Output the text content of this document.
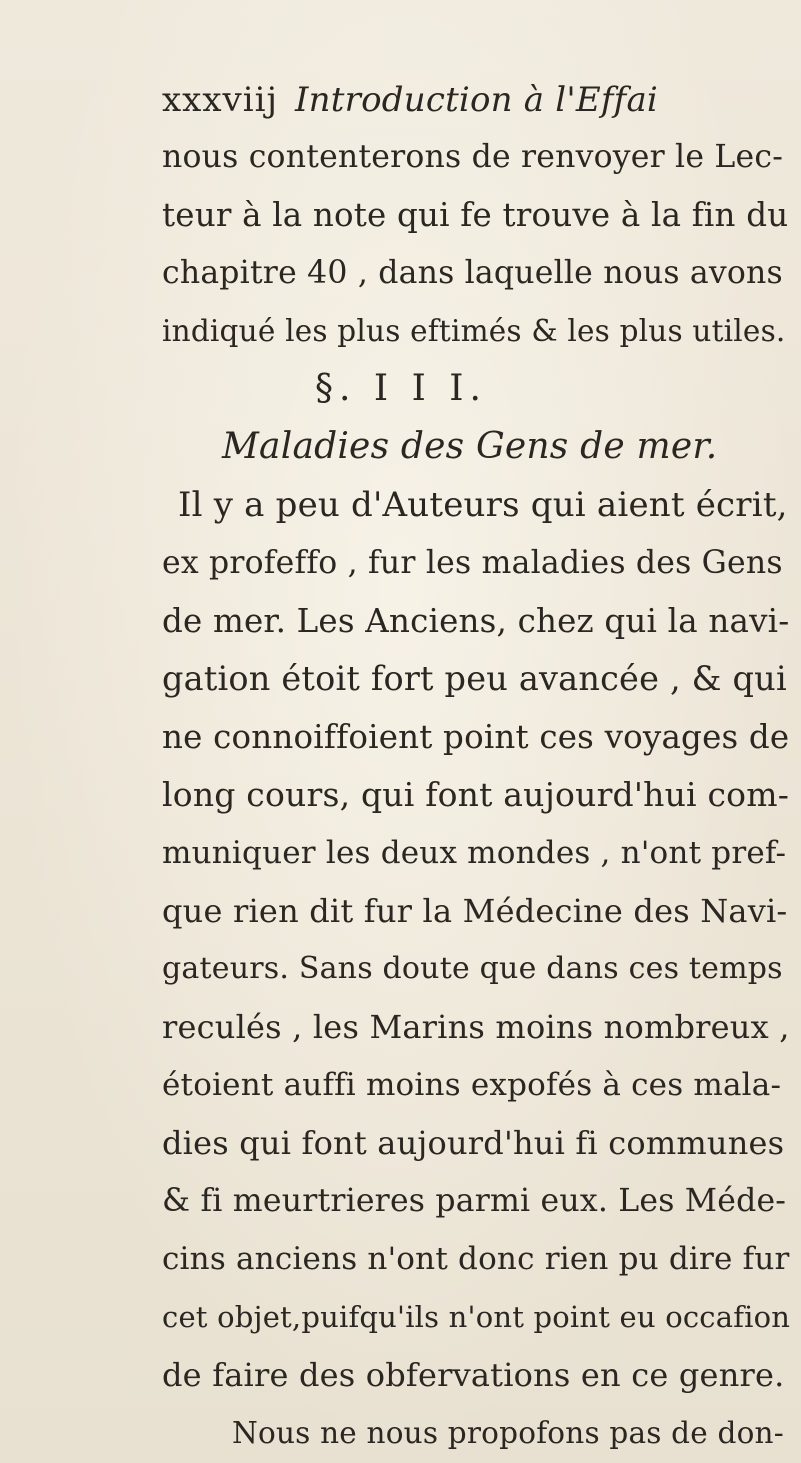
xxxviij Introduction à l'Effai
nous contenterons de renvoyer le Lec-
teur à la note qui fe trouve à la fin du
chapitre 40 , dans laquelle nous avons
indiqué les plus eftimés & les plus utiles.
§. I I I.
Maladies des Gens de mer.
Il y a peu d'Auteurs qui aient écrit,
ex profeffo , fur les maladies des Gens
de mer. Les Anciens, chez qui la navi-
gation étoit fort peu avancée , & qui
ne connoiffoient point ces voyages de
long cours, qui font aujourd'hui com-
muniquer les deux mondes , n'ont pref-
que rien dit fur la Médecine des Navi-
gateurs. Sans doute que dans ces temps
reculés , les Marins moins nombreux ,
étoient auffi moins expofés à ces mala-
dies qui font aujourd'hui fi communes
& fi meurtrieres parmi eux. Les Méde-
cins anciens n'ont donc rien pu dire fur
cet objet,puifqu'ils n'ont point eu occafion
de faire des obfervations en ce genre.
Nous ne nous propofons pas de don-
